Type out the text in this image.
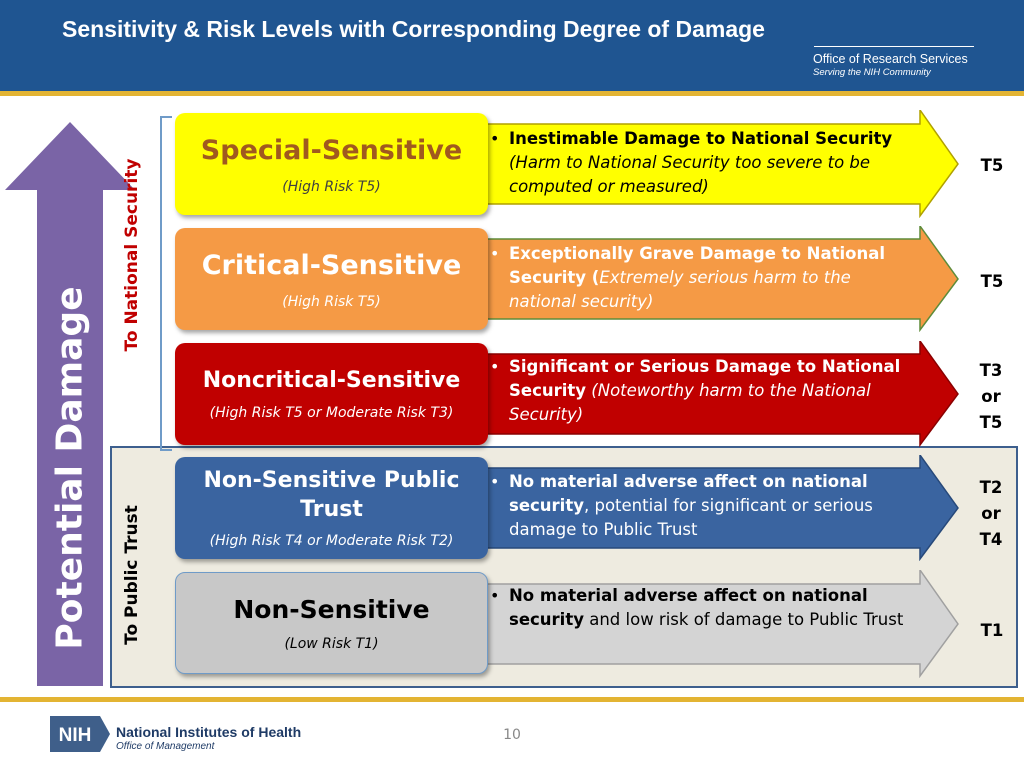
Sensitivity & Risk Levels with Corresponding Degree of Damage
Office of Research Services
Serving the NIH Community
Potential Damage
To National Security
To Public Trust
Special-Sensitive
(High Risk T5)
• Inestimable Damage to National Security (Harm to National Security too severe to be computed or measured)
T5
Critical-Sensitive
(High Risk T5)
• Exceptionally Grave Damage to National Security (Extremely serious harm to the national security)
T5
Noncritical-Sensitive
(High Risk T5 or Moderate Risk T3)
• Significant or Serious Damage to National Security (Noteworthy harm to the National Security)
T3 or T5
Non-Sensitive Public Trust
(High Risk T4 or Moderate Risk T2)
• No material adverse affect on national security, potential for significant or serious damage to Public Trust
T2 or T4
Non-Sensitive
(Low Risk T1)
• No material adverse affect on national security and low risk of damage to Public Trust
T1
NIH National Institutes of Health
Office of Management
10
